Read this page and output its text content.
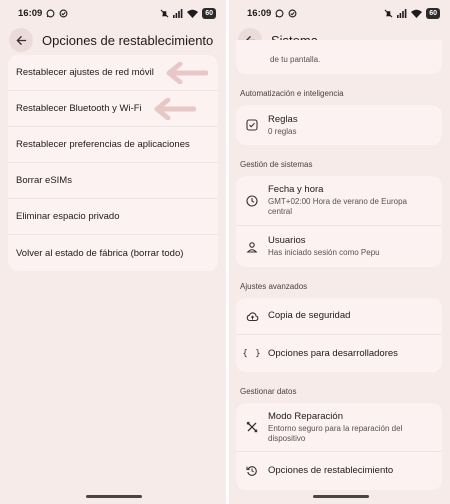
16:09	60
Opciones de restablecimiento
Restablecer ajustes de red móvil
Restablecer Bluetooth y Wi-Fi
Restablecer preferencias de aplicaciones
Borrar eSIMs
Eliminar espacio privado
Volver al estado de fábrica (borrar todo)
16:09	60
de tu pantalla.
Automatización e inteligencia
Reglas
0 reglas
Gestión de sistemas
Fecha y hora
GMT+02:00 Hora de verano de Europa central
Usuarios
Has iniciado sesión como Pepu
Ajustes avanzados
Copia de seguridad
{ } Opciones para desarrolladores
Gestionar datos
Modo Reparación
Entorno seguro para la reparación del dispositivo
Opciones de restablecimiento
